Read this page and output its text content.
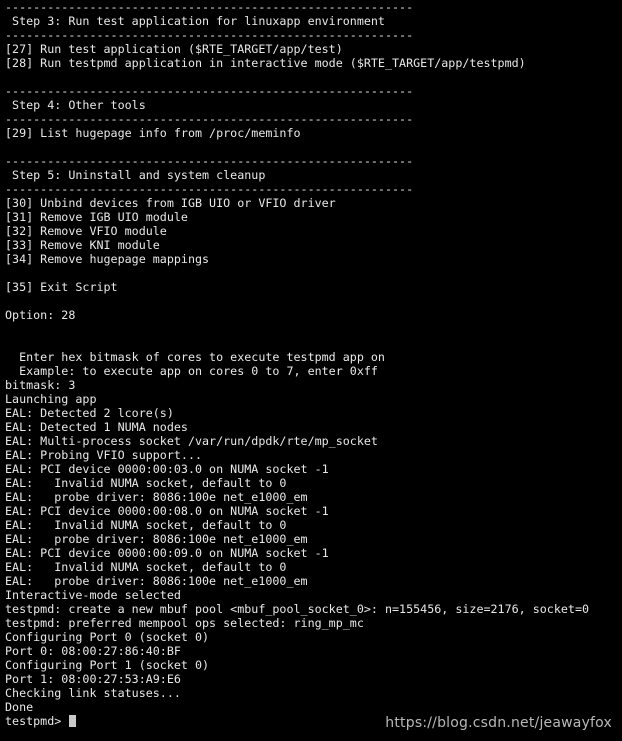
----------------------------------------------------------
Step 3: Run test application for linuxapp environment
----------------------------------------------------------
[27] Run test application ($RTE_TARGET/app/test)
[28] Run testpmd application in interactive mode ($RTE_TARGET/app/testpmd)
----------------------------------------------------------
Step 4: Other tools
----------------------------------------------------------
[29] List hugepage info from /proc/meminfo
----------------------------------------------------------
Step 5: Uninstall and system cleanup
----------------------------------------------------------
[30] Unbind devices from IGB UIO or VFIO driver
[31] Remove IGB UIO module
[32] Remove VFIO module
[33] Remove KNI module
[34] Remove hugepage mappings
[35] Exit Script
Option: 28
Enter hex bitmask of cores to execute testpmd app on
Example: to execute app on cores 0 to 7, enter 0xff
bitmask: 3
Launching app
EAL: Detected 2 lcore(s)
EAL: Detected 1 NUMA nodes
EAL: Multi-process socket /var/run/dpdk/rte/mp_socket
EAL: Probing VFIO support...
EAL: PCI device 0000:00:03.0 on NUMA socket -1
EAL:   Invalid NUMA socket, default to 0
EAL:   probe driver: 8086:100e net_e1000_em
EAL: PCI device 0000:00:08.0 on NUMA socket -1
EAL:   Invalid NUMA socket, default to 0
EAL:   probe driver: 8086:100e net_e1000_em
EAL: PCI device 0000:00:09.0 on NUMA socket -1
EAL:   Invalid NUMA socket, default to 0
EAL:   probe driver: 8086:100e net_e1000_em
Interactive-mode selected
testpmd: create a new mbuf pool <mbuf_pool_socket_0>: n=155456, size=2176, socket=0
testpmd: preferred mempool ops selected: ring_mp_mc
Configuring Port 0 (socket 0)
Port 0: 08:00:27:86:40:BF
Configuring Port 1 (socket 0)
Port 1: 08:00:27:53:A9:E6
Checking link statuses...
Done
testpmd>	https://blog.csdn.net/jeawayfox
